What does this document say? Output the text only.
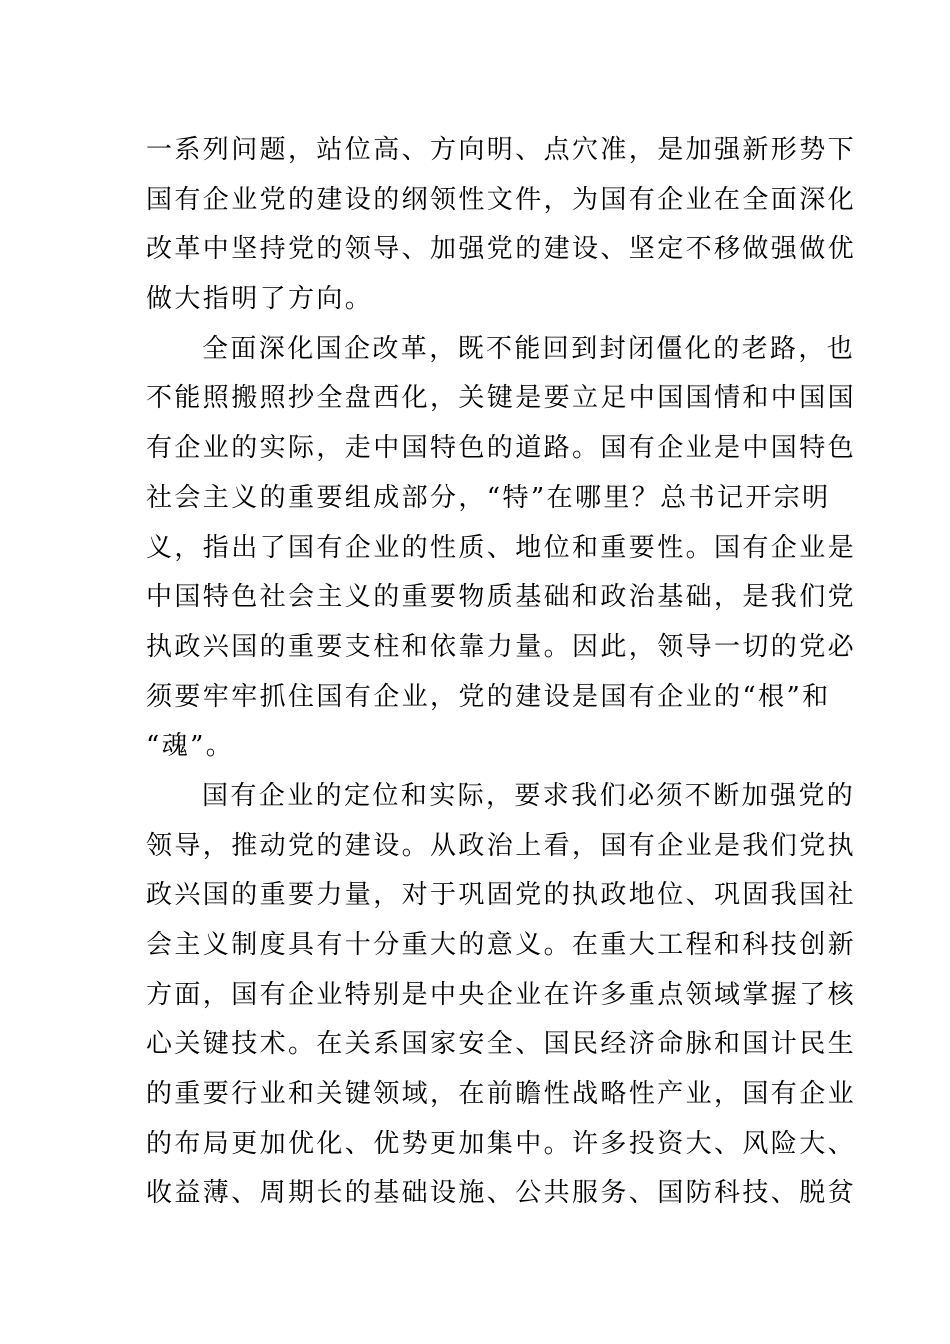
一系列问题，站位高、方向明、点穴准，是加强新形势下
国有企业党的建设的纲领性文件，为国有企业在全面深化
改革中坚持党的领导、加强党的建设、坚定不移做强做优
做大指明了方向。
全面深化国企改革，既不能回到封闭僵化的老路，也
不能照搬照抄全盘西化，关键是要立足中国国情和中国国
有企业的实际，走中国特色的道路。国有企业是中国特色
社会主义的重要组成部分，“特”在哪里？总书记开宗明
义，指出了国有企业的性质、地位和重要性。国有企业是
中国特色社会主义的重要物质基础和政治基础，是我们党
执政兴国的重要支柱和依靠力量。因此，领导一切的党必
须要牢牢抓住国有企业，党的建设是国有企业的“根”和
“魂”。
国有企业的定位和实际，要求我们必须不断加强党的
领导，推动党的建设。从政治上看，国有企业是我们党执
政兴国的重要力量，对于巩固党的执政地位、巩固我国社
会主义制度具有十分重大的意义。在重大工程和科技创新
方面，国有企业特别是中央企业在许多重点领域掌握了核
心关键技术。在关系国家安全、国民经济命脉和国计民生
的重要行业和关键领域，在前瞻性战略性产业，国有企业
的布局更加优化、优势更加集中。许多投资大、风险大、
收益薄、周期长的基础设施、公共服务、国防科技、脱贫
